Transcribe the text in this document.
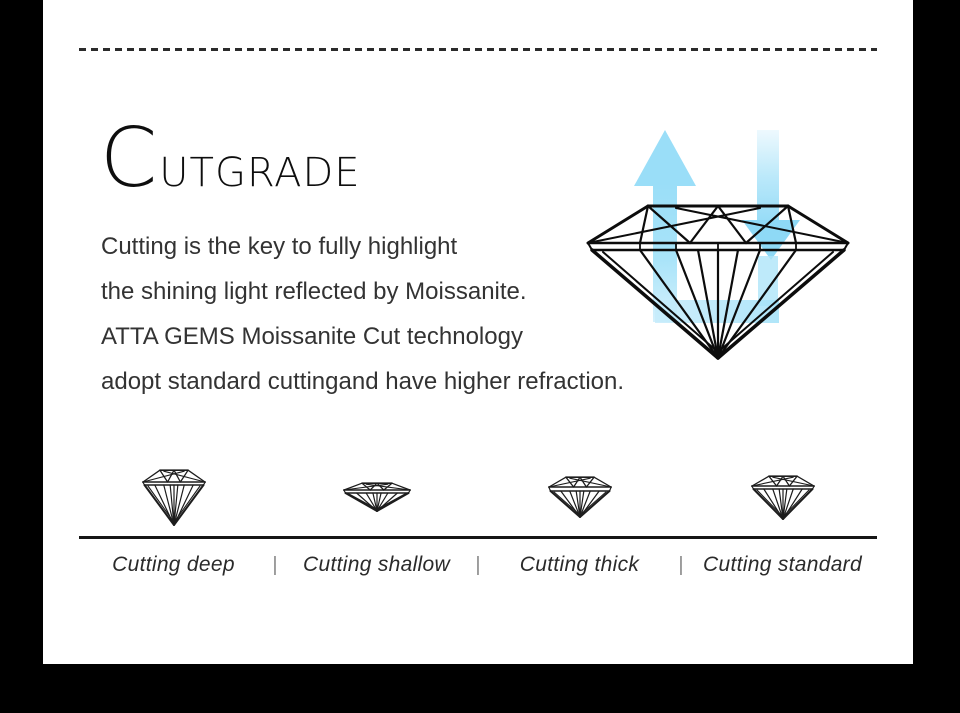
CUTGRADE

Cutting is the key to fully highlight

the shining light reflected by Moissanite.

ATTA GEMS Moissanite Cut technology

adopt standard cuttingand have higher refraction.

Cutting deep	|	Cutting shallow	|	Cutting thick	| Cutting standard
